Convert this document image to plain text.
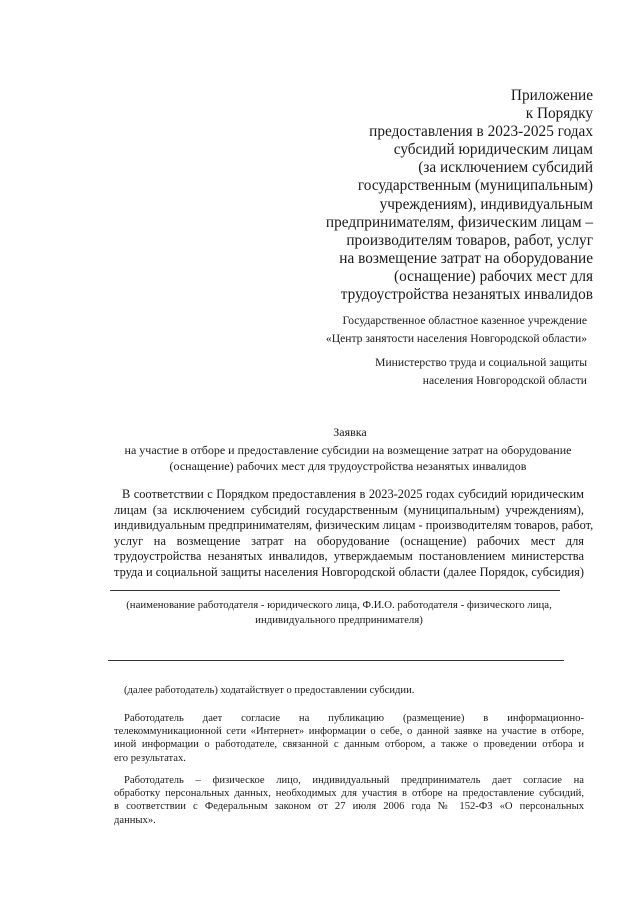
Приложение
к Порядку
предоставления в 2023-2025 годах
субсидий юридическим лицам
(за исключением субсидий
государственным (муниципальным)
учреждениям), индивидуальным
предпринимателям, физическим лицам –
производителям товаров, работ, услуг
на возмещение затрат на оборудование
(оснащение) рабочих мест для
трудоустройства незанятых инвалидов
Государственное областное казенное учреждение
«Центр занятости населения Новгородской области»
Министерство труда и социальной защиты
населения Новгородской области
Заявка
на участие в отборе и предоставление субсидии на возмещение затрат на оборудование
(оснащение) рабочих мест для трудоустройства незанятых инвалидов
В соответствии с Порядком предоставления в 2023-2025 годах субсидий юридическим
лицам (за исключением субсидий государственным (муниципальным) учреждениям),
индивидуальным предпринимателям, физическим лицам - производителям товаров, работ,
услуг на возмещение затрат на оборудование (оснащение) рабочих мест для
трудоустройства незанятых инвалидов, утверждаемым постановлением министерства
труда и социальной защиты населения Новгородской области (далее Порядок, субсидия)
(наименование работодателя - юридического лица, Ф.И.О. работодателя - физического лица,
индивидуального предпринимателя)
(далее работодатель) ходатайствует о предоставлении субсидии.
Работодатель дает согласие на публикацию (размещение) в информационно-
телекоммуникационной сети «Интернет» информации о себе, о данной заявке на участие в отборе,
иной информации о работодателе, связанной с данным отбором, а также о проведении отбора и
его результатах.
Работодатель – физическое лицо, индивидуальный предприниматель дает согласие на
обработку персональных данных, необходимых для участия в отборе на предоставление субсидий,
в соответствии с Федеральным законом от 27 июля 2006 года № 152-ФЗ «О персональных
данных».
